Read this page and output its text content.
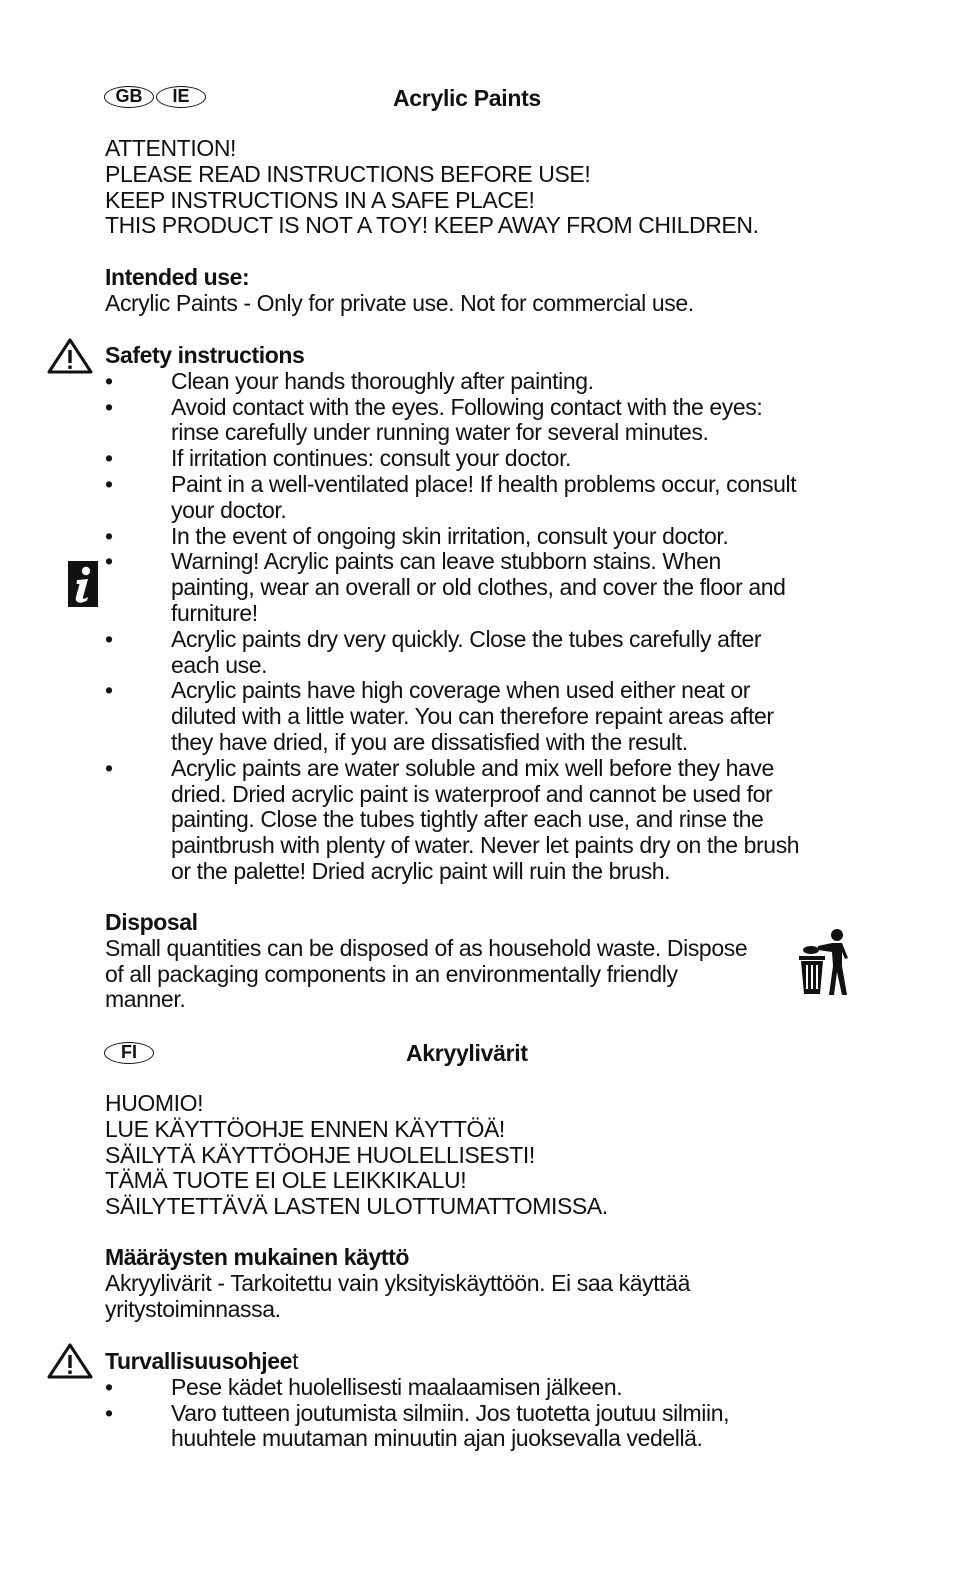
GB	IE	Acrylic Paints
ATTENTION!
PLEASE READ INSTRUCTIONS BEFORE USE!
KEEP INSTRUCTIONS IN A SAFE PLACE!
THIS PRODUCT IS NOT A TOY! KEEP AWAY FROM CHILDREN.
Intended use:
Acrylic Paints - Only for private use. Not for commercial use.
Safety instructions
•	Clean your hands thoroughly after painting.
•	Avoid contact with the eyes. Following contact with the eyes:
rinse carefully under running water for several minutes.
•	If irritation continues: consult your doctor.
•	Paint in a well-ventilated place! If health problems occur, consult
your doctor.
•	In the event of ongoing skin irritation, consult your doctor.
•	Warning! Acrylic paints can leave stubborn stains. When
painting, wear an overall or old clothes, and cover the floor and
furniture!
•	Acrylic paints dry very quickly. Close the tubes carefully after
each use.
•	Acrylic paints have high coverage when used either neat or
diluted with a little water. You can therefore repaint areas after
they have dried, if you are dissatisfied with the result.
•	Acrylic paints are water soluble and mix well before they have
dried. Dried acrylic paint is waterproof and cannot be used for
painting. Close the tubes tightly after each use, and rinse the
paintbrush with plenty of water. Never let paints dry on the brush
or the palette! Dried acrylic paint will ruin the brush.
Disposal
Small quantities can be disposed of as household waste. Dispose
of all packaging components in an environmentally friendly
manner.
FI	Akryylivärit
HUOMIO!
LUE KÄYTTÖOHJE ENNEN KÄYTTÖÄ!
SÄILYTÄ KÄYTTÖOHJE HUOLELLISESTI!
TÄMÄ TUOTE EI OLE LEIKKIKALU!
SÄILYTETTÄVÄ LASTEN ULOTTUMATTOMISSA.
Määräysten mukainen käyttö
Akryylivärit - Tarkoitettu vain yksityiskäyttöön. Ei saa käyttää
yritystoiminnassa.
Turvallisuusohjeet
•	Pese kädet huolellisesti maalaamisen jälkeen.
•	Varo tutteen joutumista silmiin. Jos tuotetta joutuu silmiin,
huuhtele muutaman minuutin ajan juoksevalla vedellä.
